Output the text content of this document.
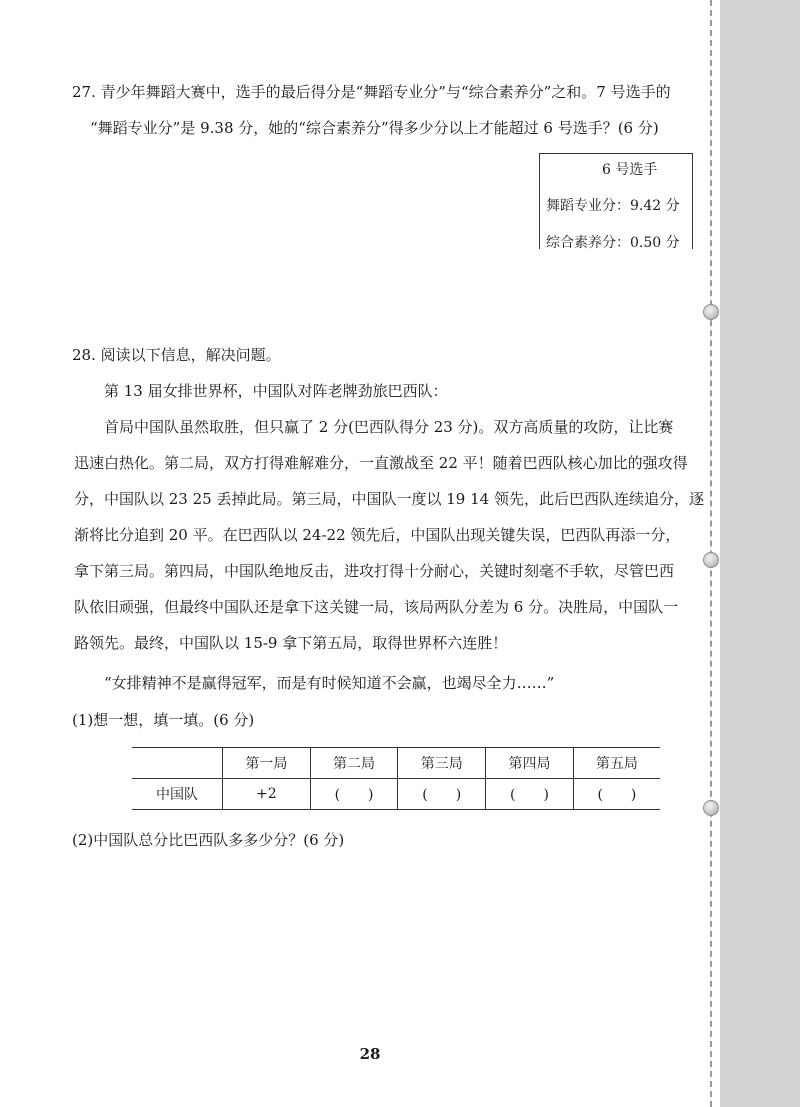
27. 青少年舞蹈大赛中，选手的最后得分是“舞蹈专业分”与“综合素养分”之和。7 号选手的
“舞蹈专业分”是 9.38 分，她的“综合素养分”得多少分以上才能超过 6 号选手？(6 分)
6 号选手
舞蹈专业分：9.42 分
综合素养分：0.50 分
28. 阅读以下信息，解决问题。
第 13 届女排世界杯，中国队对阵老牌劲旅巴西队：
首局中国队虽然取胜，但只赢了 2 分(巴西队得分 23 分)。双方高质量的攻防，让比赛
迅速白热化。第二局，双方打得难解难分，一直激战至 22 平！随着巴西队核心加比的强攻得
分，中国队以 23 25 丢掉此局。第三局，中国队一度以 19 14 领先，此后巴西队连续追分，逐
渐将比分追到 20 平。在巴西队以 24-22 领先后，中国队出现关键失误，巴西队再添一分，
拿下第三局。第四局，中国队绝地反击，进攻打得十分耐心，关键时刻毫不手软，尽管巴西
队依旧顽强，但最终中国队还是拿下这关键一局，该局两队分差为 6 分。决胜局，中国队一
路领先。最终，中国队以 15-9 拿下第五局，取得世界杯六连胜！
“女排精神不是赢得冠军，而是有时候知道不会赢，也竭尽全力……”
(1)想一想，填一填。(6 分)
	第一局	第二局	第三局	第四局	第五局
中国队	+2	(　　)	(　　)	(　　)	(　　)
(2)中国队总分比巴西队多多少分？(6 分)
28
